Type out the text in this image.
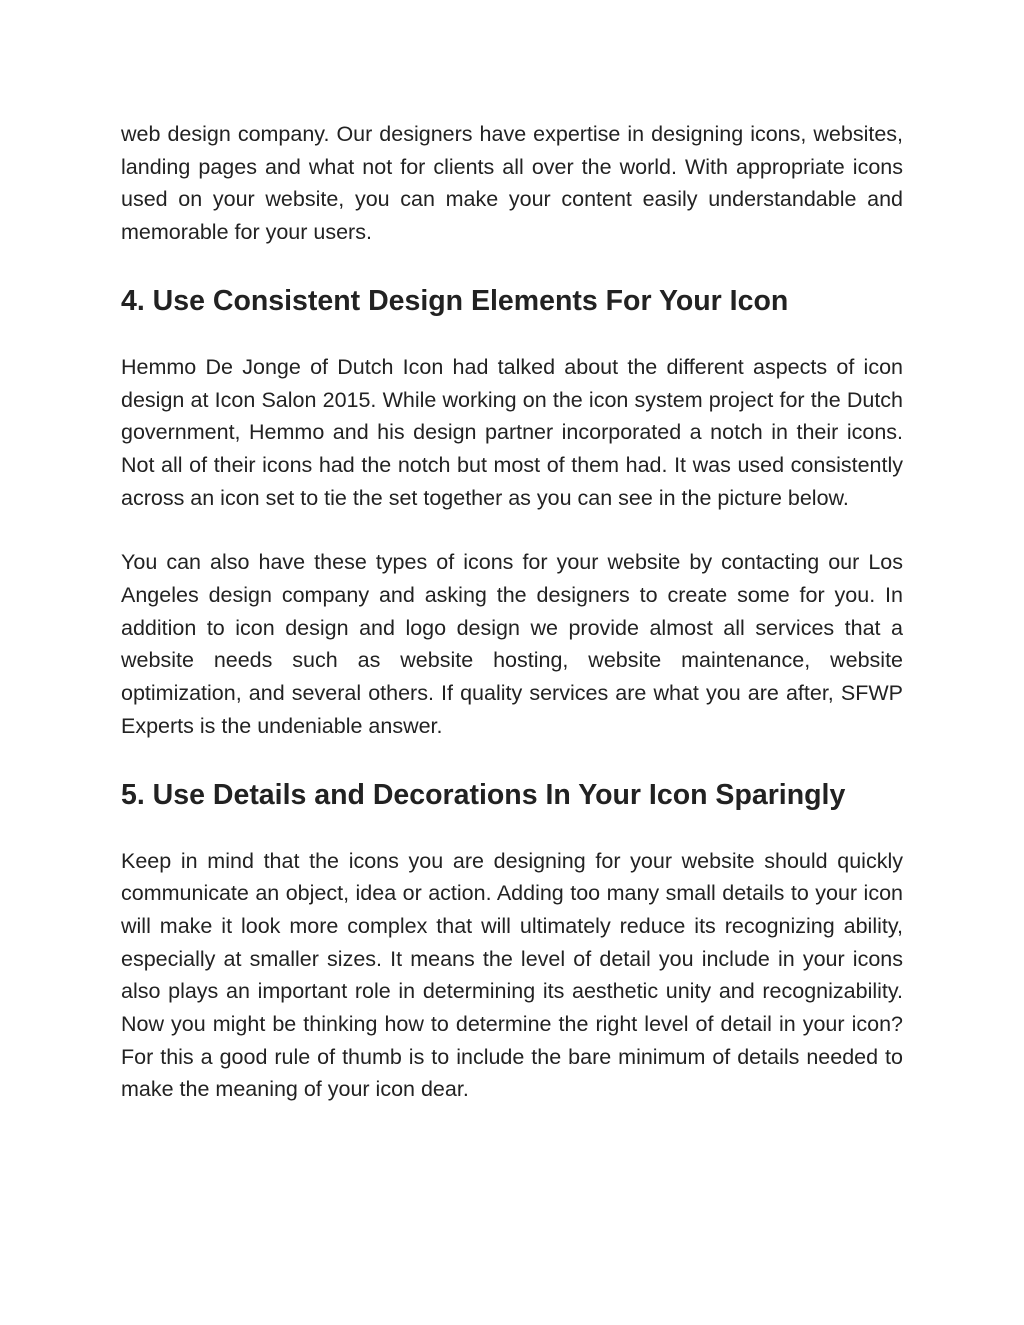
web design company. Our designers have expertise in designing icons, websites, landing pages and what not for clients all over the world. With appropriate icons used on your website, you can make your content easily understandable and memorable for your users.

4. Use Consistent Design Elements For Your Icon

Hemmo De Jonge of Dutch Icon had talked about the different aspects of icon design at Icon Salon 2015. While working on the icon system project for the Dutch government, Hemmo and his design partner incorporated a notch in their icons. Not all of their icons had the notch but most of them had. It was used consistently across an icon set to tie the set together as you can see in the picture below.

You can also have these types of icons for your website by contacting our Los Angeles design company and asking the designers to create some for you. In addition to icon design and logo design we provide almost all services that a website needs such as website hosting, website maintenance, website optimization, and several others. If quality services are what you are after, SFWP Experts is the undeniable answer.

5. Use Details and Decorations In Your Icon Sparingly

Keep in mind that the icons you are designing for your website should quickly communicate an object, idea or action. Adding too many small details to your icon will make it look more complex that will ultimately reduce its recognizing ability, especially at smaller sizes. It means the level of detail you include in your icons also plays an important role in determining its aesthetic unity and recognizability. Now you might be thinking how to determine the right level of detail in your icon? For this a good rule of thumb is to include the bare minimum of details needed to make the meaning of your icon dear.
